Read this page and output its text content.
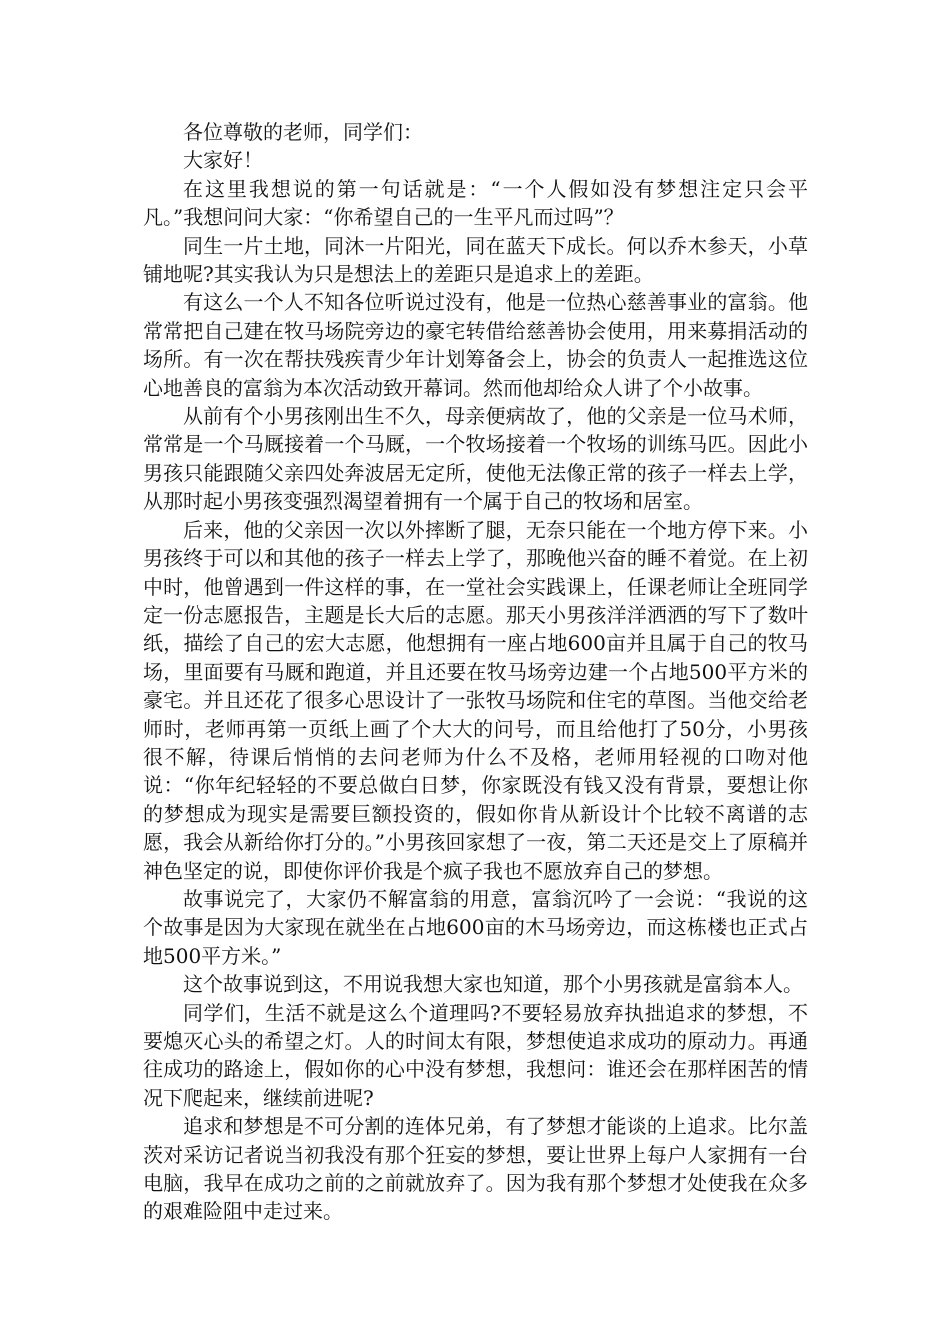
各位尊敬的老师，同学们：

大家好！

在这里我想说的第一句话就是：“一个人假如没有梦想注定只会平凡。”我想问问大家：“你希望自己的一生平凡而过吗”？

同生一片土地，同沐一片阳光，同在蓝天下成长。何以乔木参天，小草铺地呢?其实我认为只是想法上的差距只是追求上的差距。

有这么一个人不知各位听说过没有，他是一位热心慈善事业的富翁。他常常把自己建在牧马场院旁边的豪宅转借给慈善协会使用，用来募捐活动的场所。有一次在帮扶残疾青少年计划筹备会上，协会的负责人一起推选这位心地善良的富翁为本次活动致开幕词。然而他却给众人讲了个小故事。

从前有个小男孩刚出生不久，母亲便病故了，他的父亲是一位马术师，常常是一个马厩接着一个马厩，一个牧场接着一个牧场的训练马匹。因此小男孩只能跟随父亲四处奔波居无定所，使他无法像正常的孩子一样去上学，从那时起小男孩变强烈渴望着拥有一个属于自己的牧场和居室。

后来，他的父亲因一次以外摔断了腿，无奈只能在一个地方停下来。小男孩终于可以和其他的孩子一样去上学了，那晚他兴奋的睡不着觉。在上初中时，他曾遇到一件这样的事，在一堂社会实践课上，任课老师让全班同学定一份志愿报告，主题是长大后的志愿。那天小男孩洋洋洒洒的写下了数叶纸，描绘了自己的宏大志愿，他想拥有一座占地600亩并且属于自己的牧马场，里面要有马厩和跑道，并且还要在牧马场旁边建一个占地500平方米的豪宅。并且还花了很多心思设计了一张牧马场院和住宅的草图。当他交给老师时，老师再第一页纸上画了个大大的问号，而且给他打了50分，小男孩很不解，待课后悄悄的去问老师为什么不及格，老师用轻视的口吻对他说：“你年纪轻轻的不要总做白日梦，你家既没有钱又没有背景，要想让你的梦想成为现实是需要巨额投资的，假如你肯从新设计个比较不离谱的志愿，我会从新给你打分的。”小男孩回家想了一夜，第二天还是交上了原稿并神色坚定的说，即使你评价我是个疯子我也不愿放弃自己的梦想。

故事说完了，大家仍不解富翁的用意，富翁沉吟了一会说：“我说的这个故事是因为大家现在就坐在占地600亩的木马场旁边，而这栋楼也正式占地500平方米。”

这个故事说到这，不用说我想大家也知道，那个小男孩就是富翁本人。

同学们，生活不就是这么个道理吗?不要轻易放弃执拙追求的梦想，不要熄灭心头的希望之灯。人的时间太有限，梦想使追求成功的原动力。再通往成功的路途上，假如你的心中没有梦想，我想问：谁还会在那样困苦的情况下爬起来，继续前进呢?

追求和梦想是不可分割的连体兄弟，有了梦想才能谈的上追求。比尔盖茨对采访记者说当初我没有那个狂妄的梦想，要让世界上每户人家拥有一台电脑，我早在成功之前的之前就放弃了。因为我有那个梦想才处使我在众多的艰难险阻中走过来。
